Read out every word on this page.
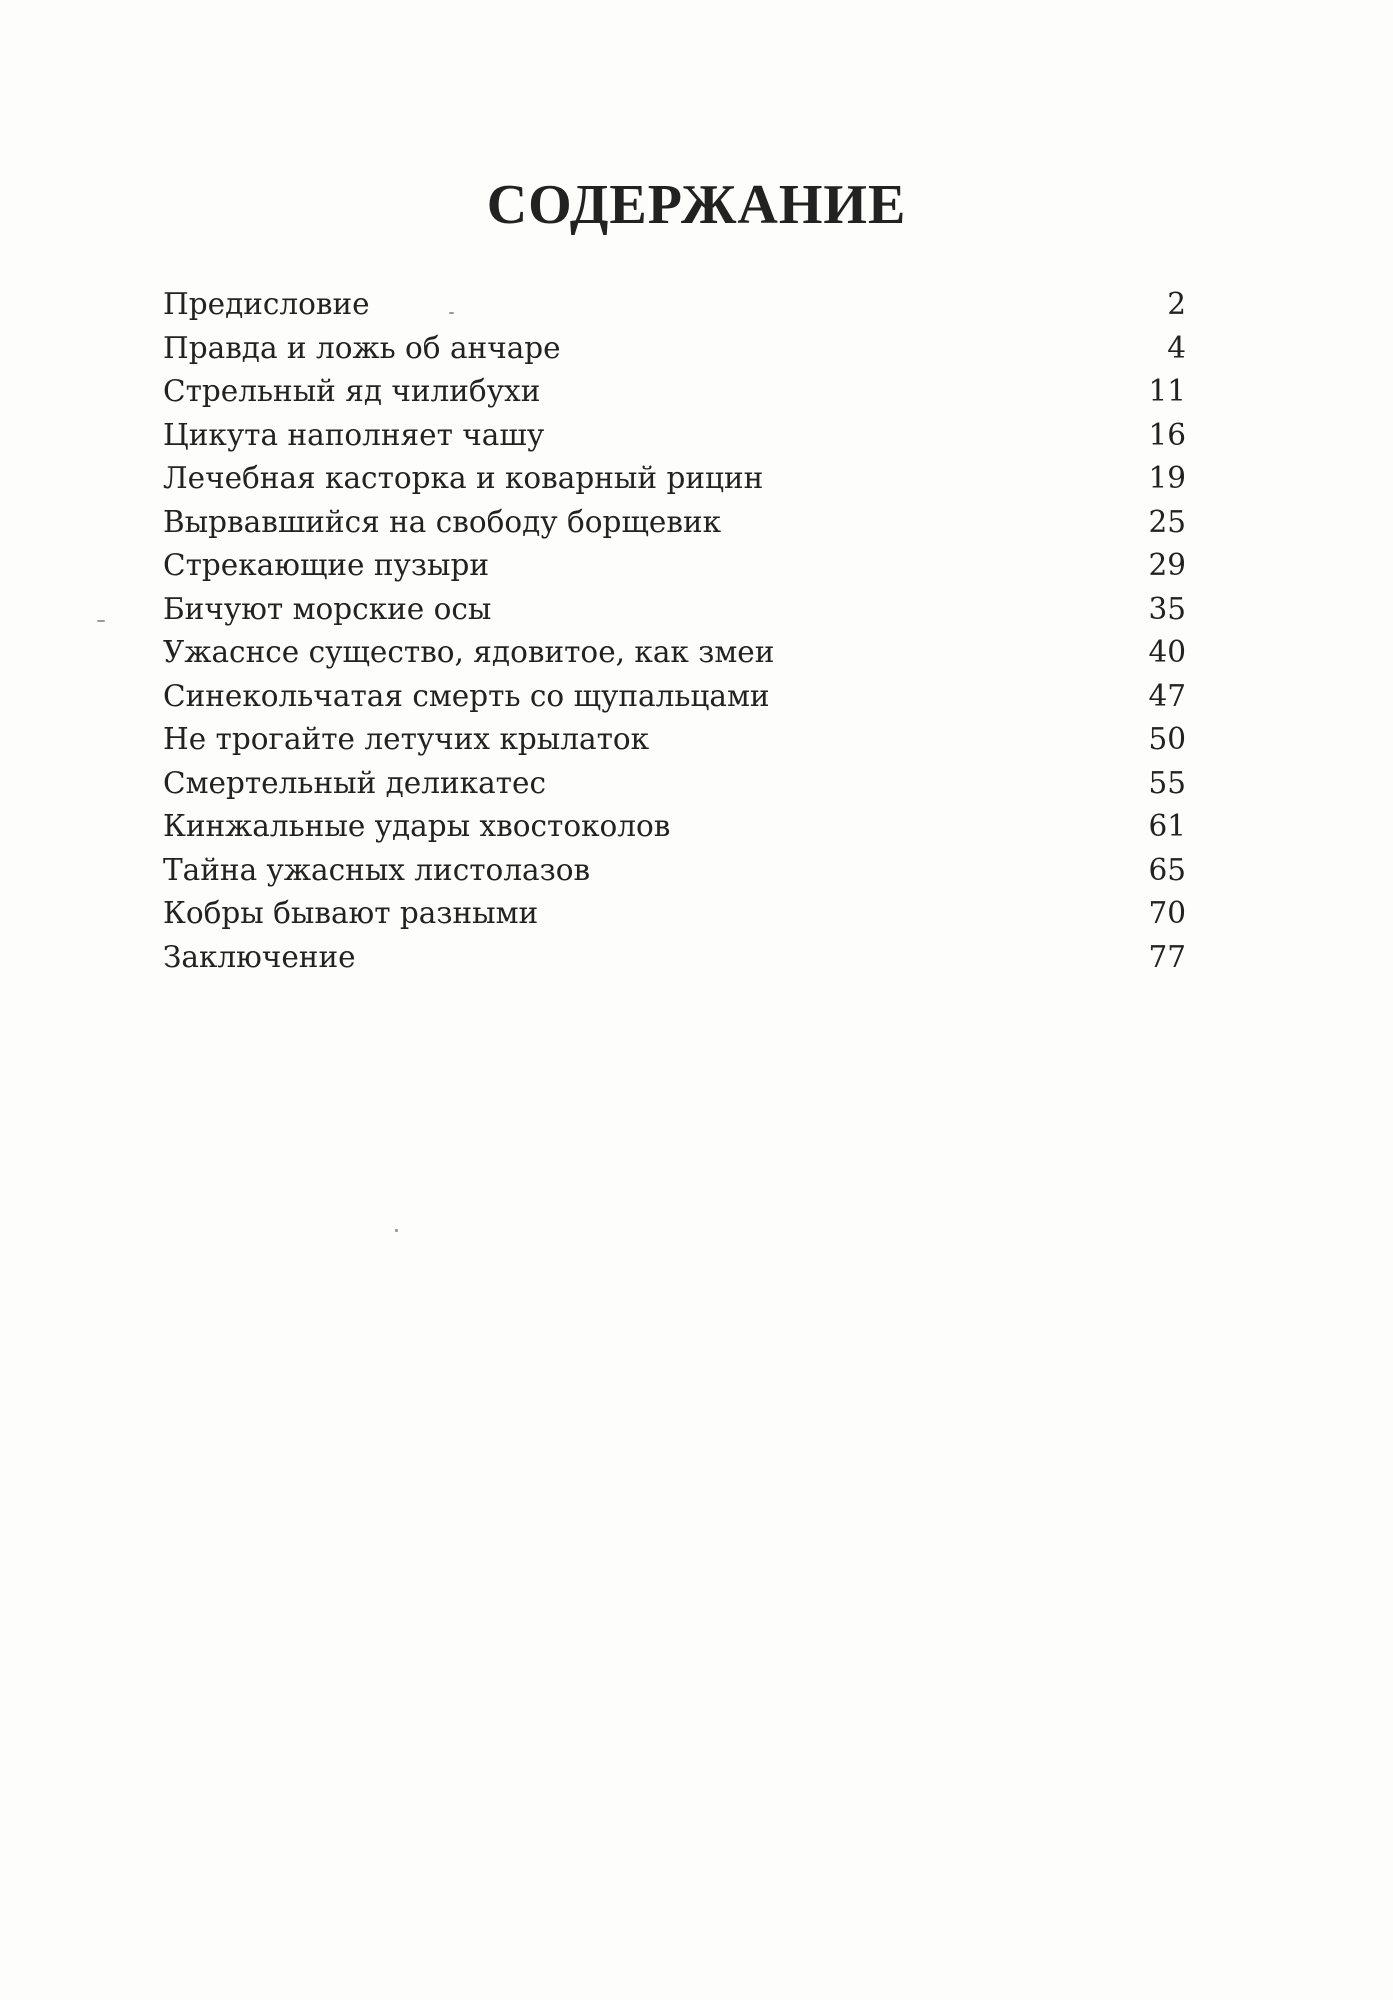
СОДЕРЖАНИЕ
Предисловие	2
Правда и ложь об анчаре	4
Стрельный яд чилибухи	11
Цикута наполняет чашу	16
Лечебная касторка и коварный рицин	19
Вырвавшийся на свободу борщевик	25
Стрекающие пузыри	29
Бичуют морские осы	35
Ужаснсе существо, ядовитое, как змеи	40
Синекольчатая смерть со щупальцами	47
Не трогайте летучих крылаток	50
Смертельный деликатес	55
Кинжальные удары хвостоколов	61
Тайна ужасных листолазов	65
Кобры бывают разными	70
Заключение	77
